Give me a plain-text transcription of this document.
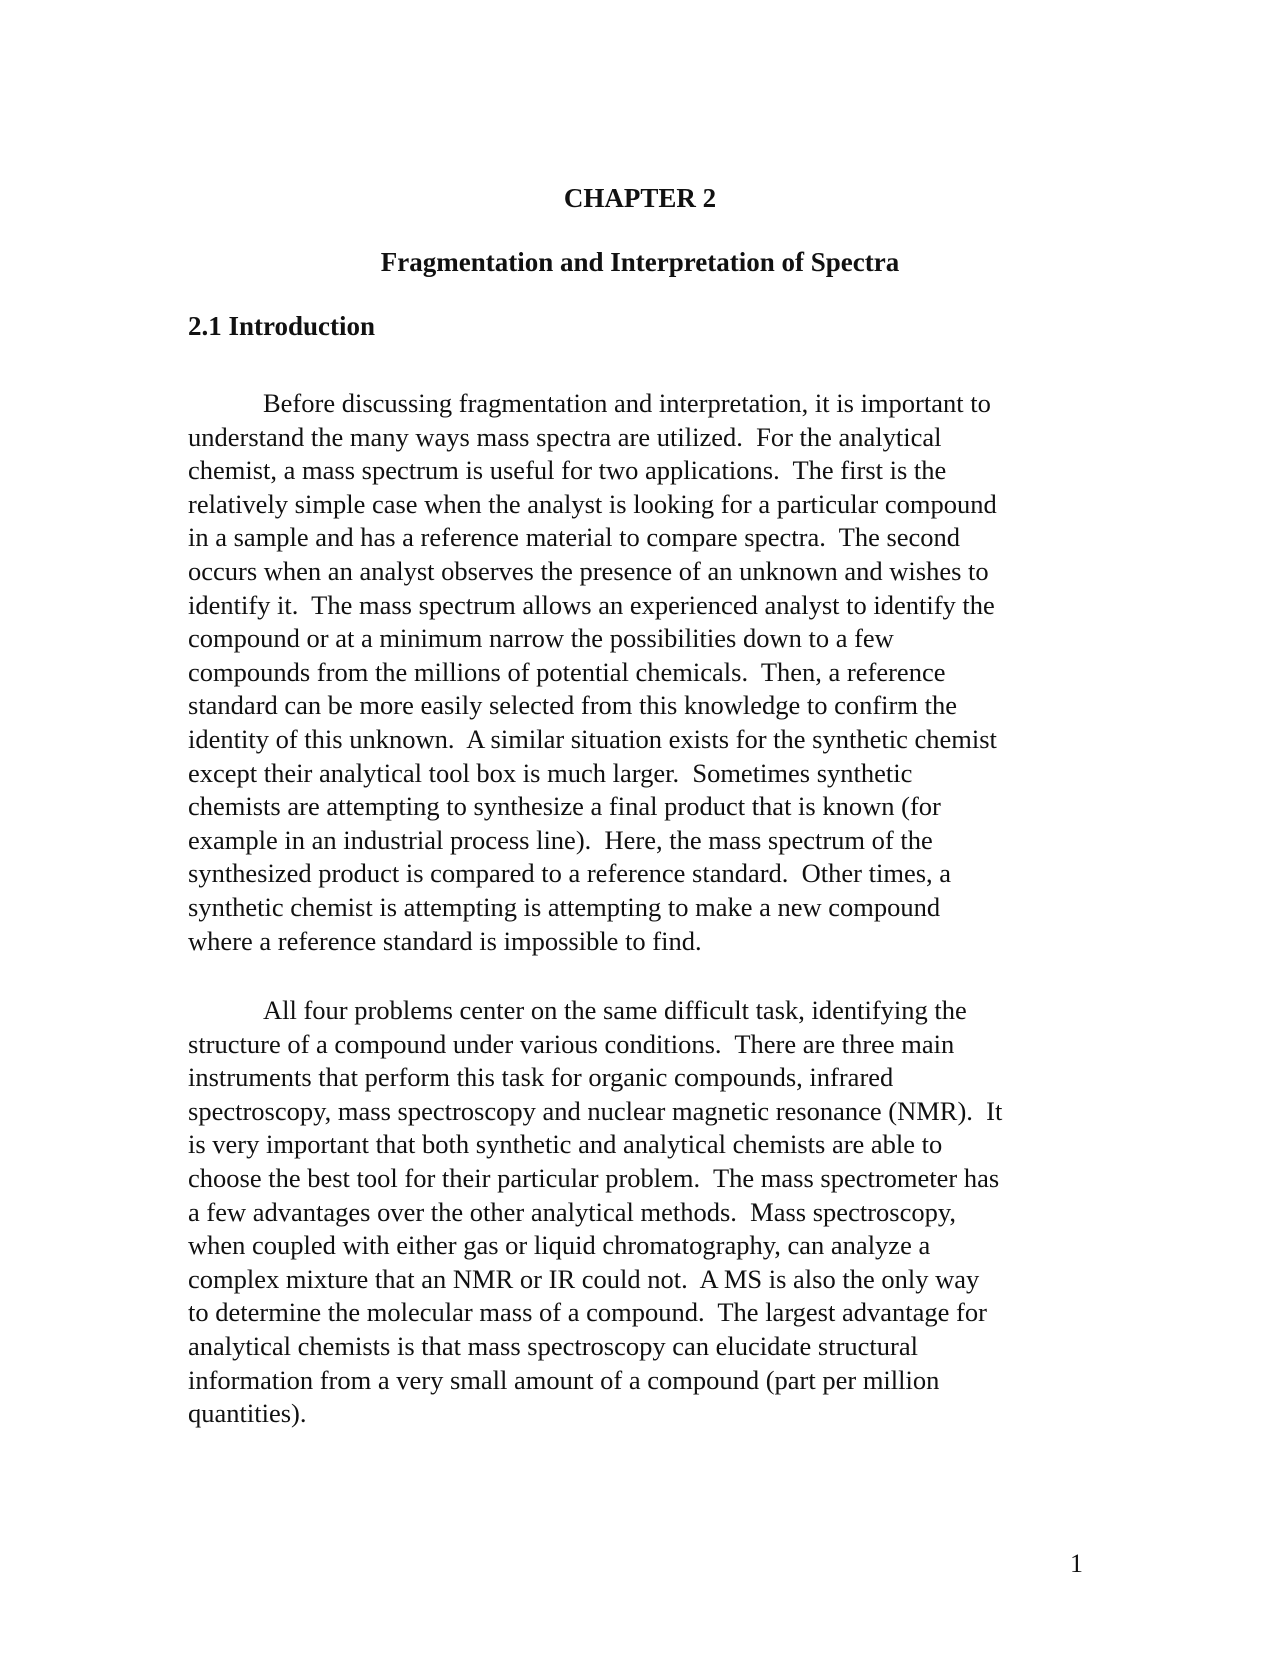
CHAPTER 2
Fragmentation and Interpretation of Spectra
2.1 Introduction

Before discussing fragmentation and interpretation, it is important to
understand the many ways mass spectra are utilized.  For the analytical
chemist, a mass spectrum is useful for two applications.  The first is the
relatively simple case when the analyst is looking for a particular compound
in a sample and has a reference material to compare spectra.  The second
occurs when an analyst observes the presence of an unknown and wishes to
identify it.  The mass spectrum allows an experienced analyst to identify the
compound or at a minimum narrow the possibilities down to a few
compounds from the millions of potential chemicals.  Then, a reference
standard can be more easily selected from this knowledge to confirm the
identity of this unknown.  A similar situation exists for the synthetic chemist
except their analytical tool box is much larger.  Sometimes synthetic
chemists are attempting to synthesize a final product that is known (for
example in an industrial process line).  Here, the mass spectrum of the
synthesized product is compared to a reference standard.  Other times, a
synthetic chemist is attempting is attempting to make a new compound
where a reference standard is impossible to find.

All four problems center on the same difficult task, identifying the
structure of a compound under various conditions.  There are three main
instruments that perform this task for organic compounds, infrared
spectroscopy, mass spectroscopy and nuclear magnetic resonance (NMR).  It
is very important that both synthetic and analytical chemists are able to
choose the best tool for their particular problem.  The mass spectrometer has
a few advantages over the other analytical methods.  Mass spectroscopy,
when coupled with either gas or liquid chromatography, can analyze a
complex mixture that an NMR or IR could not.  A MS is also the only way
to determine the molecular mass of a compound.  The largest advantage for
analytical chemists is that mass spectroscopy can elucidate structural
information from a very small amount of a compound (part per million
quantities).

1
